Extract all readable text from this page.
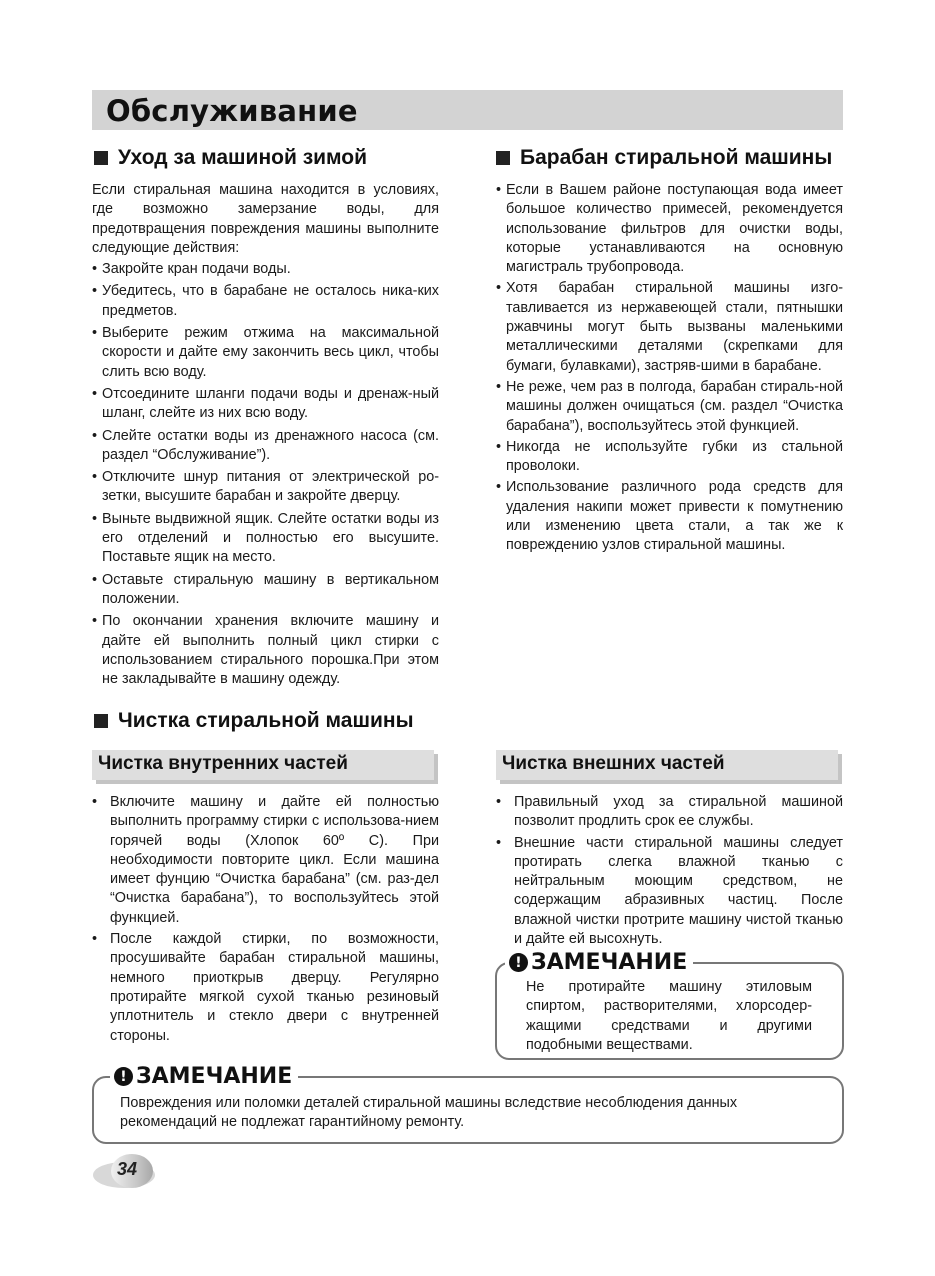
Обслуживание
Уход за машиной зимой

Если стиральная машина находится в условиях, где возможно замерзание воды, для предотвращения повреждения машины выполните следующие действия:

• Закройте кран подачи воды.
• Убедитесь, что в барабане не осталось ника-ких предметов.
• Выберите режим отжима на максимальной скорости и дайте ему закончить весь цикл, чтобы слить всю воду.
• Отсоедините шланги подачи воды и дренаж-ный шланг, слейте из них всю воду.
• Слейте остатки воды из дренажного насоса (см. раздел “Обслуживание”).
• Отключите шнур питания от электрической ро-зетки, высушите барабан и закройте дверцу.
• Выньте выдвижной ящик. Слейте остатки воды из его отделений и полностью его высушите. Поставьте ящик на место.
• Оставьте стиральную машину в вертикальном положении.
• По окончании хранения включите машину и дайте ей выполнить полный цикл стирки с использованием стирального порошка.При этом не закладывайте в машину одежду.
Барабан стиральной машины
• Если в Вашем районе поступающая вода имеет большое количество примесей, рекомендуется использование фильтров для очистки воды, которые устанавливаются на основную магистраль трубопровода.
• Хотя барабан стиральной машины изго-тавливается из нержавеющей стали, пятнышки ржавчины могут быть вызваны маленькими металлическими деталями (скрепками для бумаги, булавками), застряв-шими в барабане.
• Не реже, чем раз в полгода, барабан стираль-ной машины должен очищаться (см. раздел “Очистка барабана”), воспользуйтесь этой функцией.
• Никогда не используйте губки из стальной проволоки.
• Использование различного рода средств для удаления накипи может привести к помутнению или изменению цвета стали, а так же к повреждению узлов стиральной машины.
Чистка стиральной машины
Чистка внутренних частей
• Включите машину и дайте ей полностью выполнить программу стирки с использова-нием горячей воды (Хлопок 60º С). При необходимости повторите цикл. Если машина имеет фунцию “Очистка барабана” (см. раз-дел “Очистка барабана”), то воспользуйтесь этой функцией.
• После каждой стирки, по возможности, просушивайте барабан стиральной машины, немного приоткрыв дверцу. Регулярно протирайте мягкой сухой тканью резиновый уплотнитель и стекло двери с внутренней стороны.
Чистка внешних частей
• Правильный уход за стиральной машиной позволит продлить срок ее службы.
• Внешние части стиральной машины следует протирать слегка влажной тканью с нейтральным моющим средством, не содержащим абразивных частиц. После влажной чистки протрите машину чистой тканью и дайте ей высохнуть.
! ЗАМЕЧАНИЕ
Не протирайте машину этиловым спиртом, растворителями, хлорсодер-жащими средствами и другими подобными веществами.
! ЗАМЕЧАНИЕ
Повреждения или поломки деталей стиральной машины вследствие несоблюдения данных рекомендаций не подлежат гарантийному ремонту.
34
